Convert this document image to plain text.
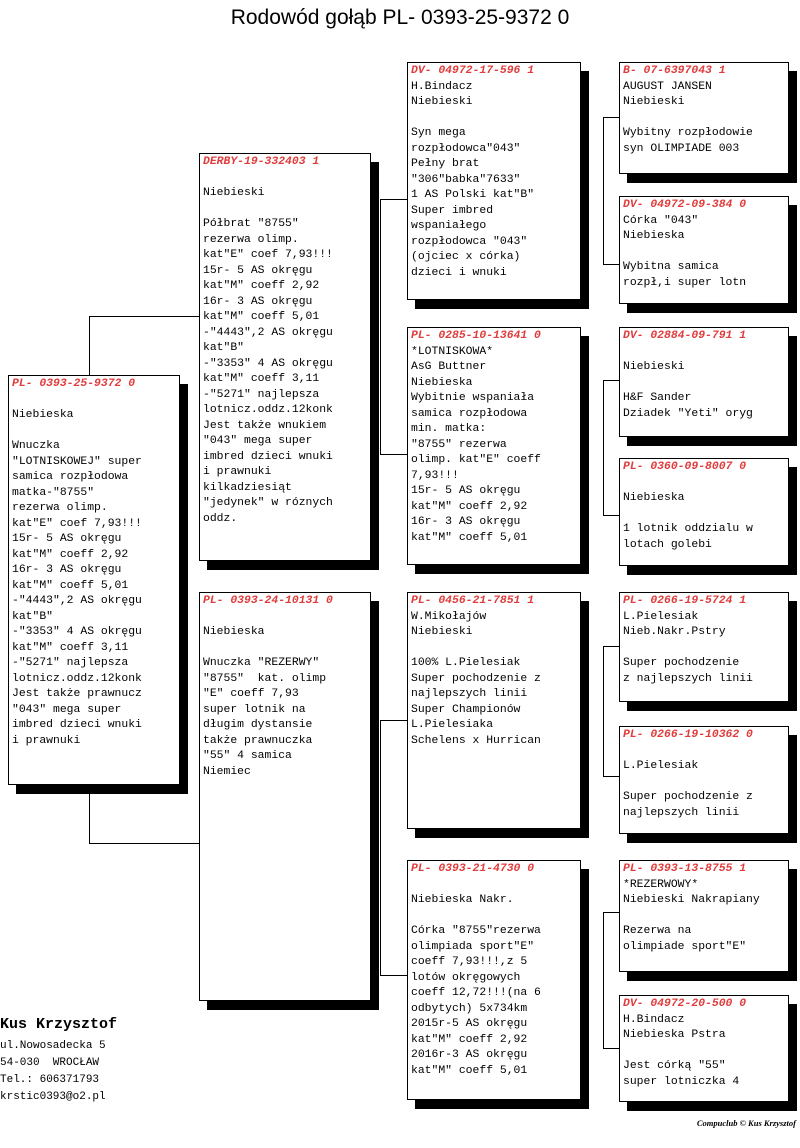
Rodowód gołąb PL- 0393-25-9372 0
PL- 0393-25-9372 0

Niebieska

Wnuczka
"LOTNISKOWEJ" super
samica rozpłodowa
matka-"8755"
rezerwa olimp.
kat"E" coef 7,93!!!
15r- 5 AS okręgu
kat"M" coeff 2,92
16r- 3 AS okręgu
kat"M" coeff 5,01
-"4443",2 AS okręgu
kat"B"
-"3353" 4 AS okręgu
kat"M" coeff 3,11
-"5271" najlepsza
lotnicz.oddz.12konk
Jest także prawnucz
"043" mega super
imbred dzieci wnuki
i prawnuki
DERBY-19-332403 1

Niebieski

Półbrat "8755"
rezerwa olimp.
kat"E" coef 7,93!!!
15r- 5 AS okręgu
kat"M" coeff 2,92
16r- 3 AS okręgu
kat"M" coeff 5,01
-"4443",2 AS okręgu
kat"B"
-"3353" 4 AS okręgu
kat"M" coeff 3,11
-"5271" najlepsza
lotnicz.oddz.12konk
Jest także wnukiem
"043" mega super
imbred dzieci wnuki
i prawnuki
kilkadziesiąt
"jedynek" w róznych
oddz.
PL- 0393-24-10131 0

Niebieska

Wnuczka "REZERWY"
"8755"  kat. olimp
"E" coeff 7,93
super lotnik na
długim dystansie
także prawnuczka
"55" 4 samica
Niemiec
DV- 04972-17-596 1
H.Bindacz
Niebieski

Syn mega
rozpłodowca"043"
Pełny brat
"306"babka"7633"
1 AS Polski kat"B"
Super imbred
wspaniałego
rozpłodowca "043"
(ojciec x córka)
dzieci i wnuki
PL- 0285-10-13641 0
*LOTNISKOWA*
AsG Buttner
Niebieska
Wybitnie wspaniała
samica rozpłodowa
min. matka:
"8755" rezerwa
olimp. kat"E" coeff
7,93!!!
15r- 5 AS okręgu
kat"M" coeff 2,92
16r- 3 AS okręgu
kat"M" coeff 5,01
PL- 0456-21-7851 1
W.Mikołajów
Niebieski

100% L.Pielesiak
Super pochodzenie z
najlepszych linii
Super Championów
L.Pielesiaka
Schelens x Hurrican
PL- 0393-21-4730 0

Niebieska Nakr.

Córka "8755"rezerwa
olimpiada sport"E"
coeff 7,93!!!,z 5
lotów okręgowych
coeff 12,72!!!(na 6
odbytych) 5x734km
2015r-5 AS okręgu
kat"M" coeff 2,92
2016r-3 AS okręgu
kat"M" coeff 5,01
B- 07-6397043 1
AUGUST JANSEN
Niebieski

Wybitny rozpłodowie
syn OLIMPIADE 003
DV- 04972-09-384 0
Córka "043"
Niebieska

Wybitna samica
rozpł,i super lotn
DV- 02884-09-791 1

Niebieski

H&F Sander
Dziadek "Yeti" oryg
PL- 0360-09-8007 0

Niebieska

1 lotnik oddzialu w
lotach golebi
PL- 0266-19-5724 1
L.Pielesiak
Nieb.Nakr.Pstry

Super pochodzenie
z najlepszych linii
PL- 0266-19-10362 0

L.Pielesiak

Super pochodzenie z
najlepszych linii
PL- 0393-13-8755 1
*REZERWOWY*
Niebieski Nakrapiany

Rezerwa na
olimpiade sport"E"
DV- 04972-20-500 0
H.Bindacz
Niebieska Pstra

Jest córką "55"
super lotniczka 4
Kus Krzysztof
ul.Nowosadecka 5
54-030  WROCŁAW
Tel.: 606371793
krstic0393@o2.pl
Compuclub © Kus Krzysztof
